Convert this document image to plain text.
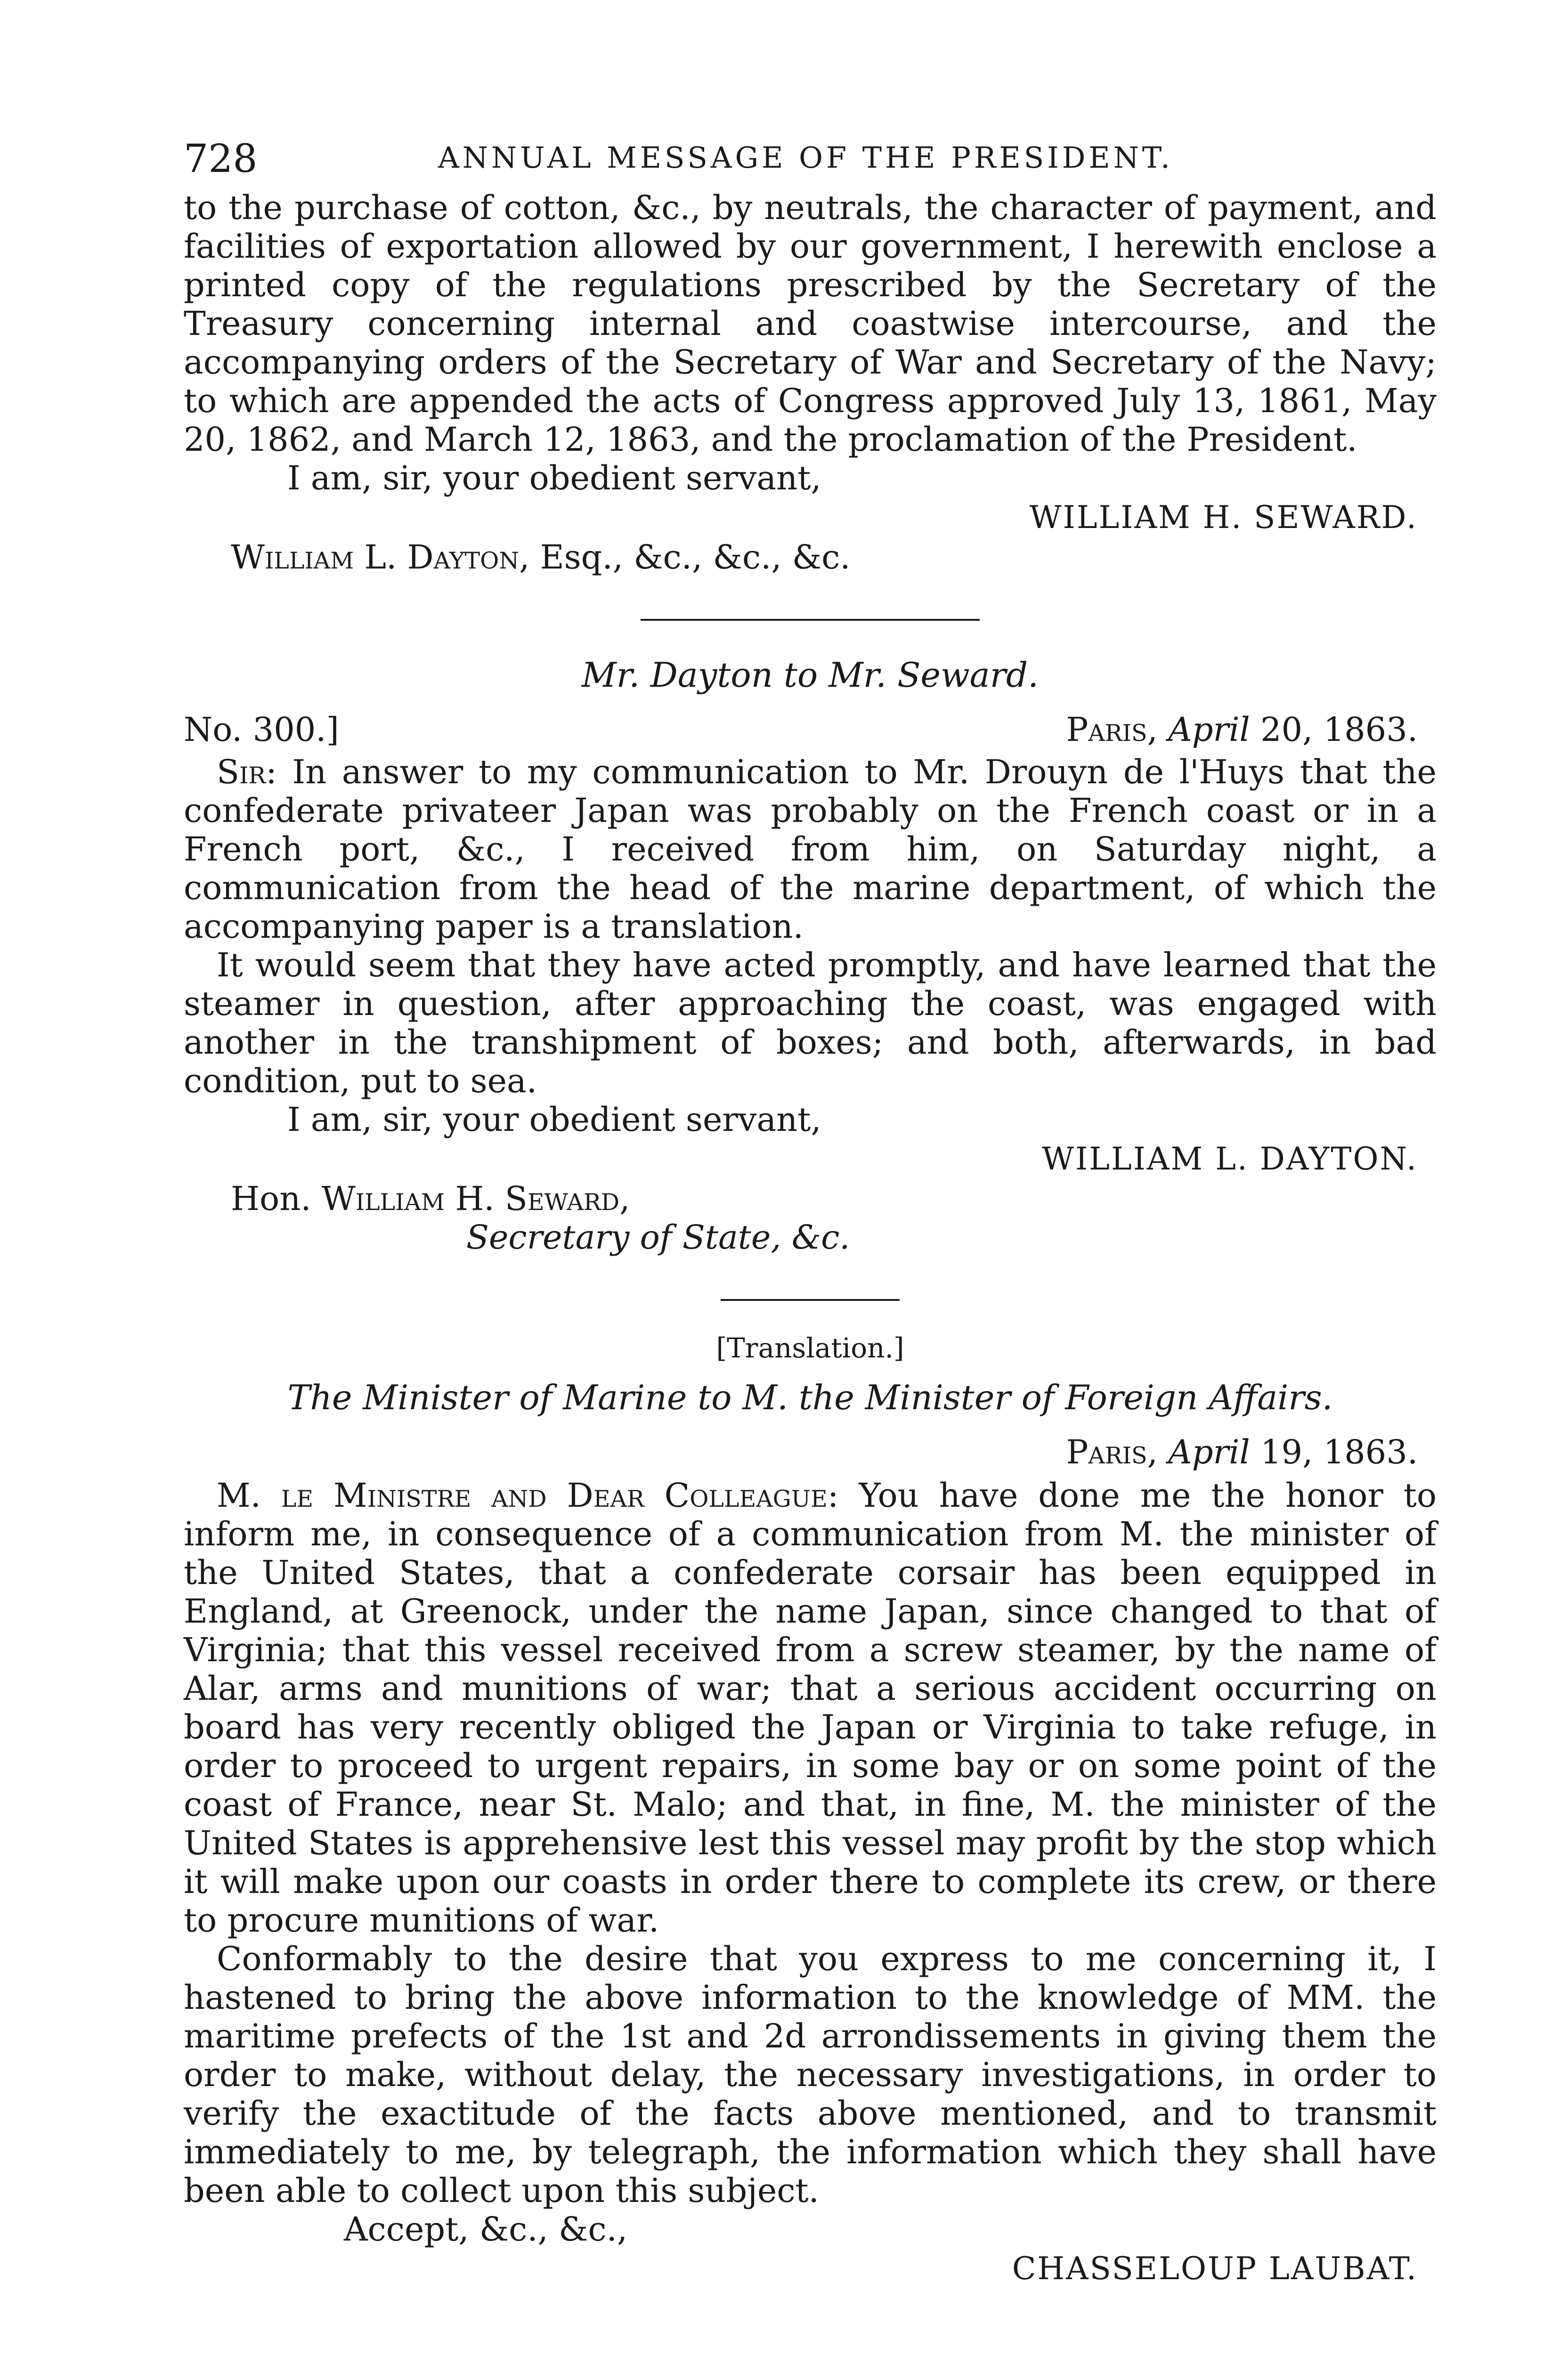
728	ANNUAL MESSAGE OF THE PRESIDENT.

to the purchase of cotton, &c., by neutrals, the character of payment, and facilities of exportation allowed by our government, I herewith enclose a printed copy of the regulations prescribed by the Secretary of the Treasury concerning internal and coastwise intercourse, and the accompanying orders of the Secretary of War and Secretary of the Navy; to which are appended the acts of Congress approved July 13, 1861, May 20, 1862, and March 12, 1863, and the proclamation of the President.

I am, sir, your obedient servant,
WILLIAM H. SEWARD.
William L. Dayton, Esq., &c., &c., &c.
Mr. Dayton to Mr. Seward.
No. 300.]	Paris, April 20, 1863.

Sir: In answer to my communication to Mr. Drouyn de l'Huys that the confederate privateer Japan was probably on the French coast or in a French port, &c., I received from him, on Saturday night, a communication from the head of the marine department, of which the accompanying paper is a translation.

It would seem that they have acted promptly, and have learned that the steamer in question, after approaching the coast, was engaged with another in the transhipment of boxes; and both, afterwards, in bad condition, put to sea.

I am, sir, your obedient servant,
WILLIAM L. DAYTON.
Hon. William H. Seward,
Secretary of State, &c.
[Translation.]
The Minister of Marine to M. the Minister of Foreign Affairs.
Paris, April 19, 1863.

M. le Ministre and Dear Colleague: You have done me the honor to inform me, in consequence of a communication from M. the minister of the United States, that a confederate corsair has been equipped in England, at Greenock, under the name Japan, since changed to that of Virginia; that this vessel received from a screw steamer, by the name of Alar, arms and munitions of war; that a serious accident occurring on board has very recently obliged the Japan or Virginia to take refuge, in order to proceed to urgent repairs, in some bay or on some point of the coast of France, near St. Malo; and that, in fine, M. the minister of the United States is apprehensive lest this vessel may profit by the stop which it will make upon our coasts in order there to complete its crew, or there to procure munitions of war.

Conformably to the desire that you express to me concerning it, I hastened to bring the above information to the knowledge of MM. the maritime prefects of the 1st and 2d arrondissements in giving them the order to make, without delay, the necessary investigations, in order to verify the exactitude of the facts above mentioned, and to transmit immediately to me, by telegraph, the information which they shall have been able to collect upon this subject.

Accept, &c., &c.,
CHASSELOUP LAUBAT.
